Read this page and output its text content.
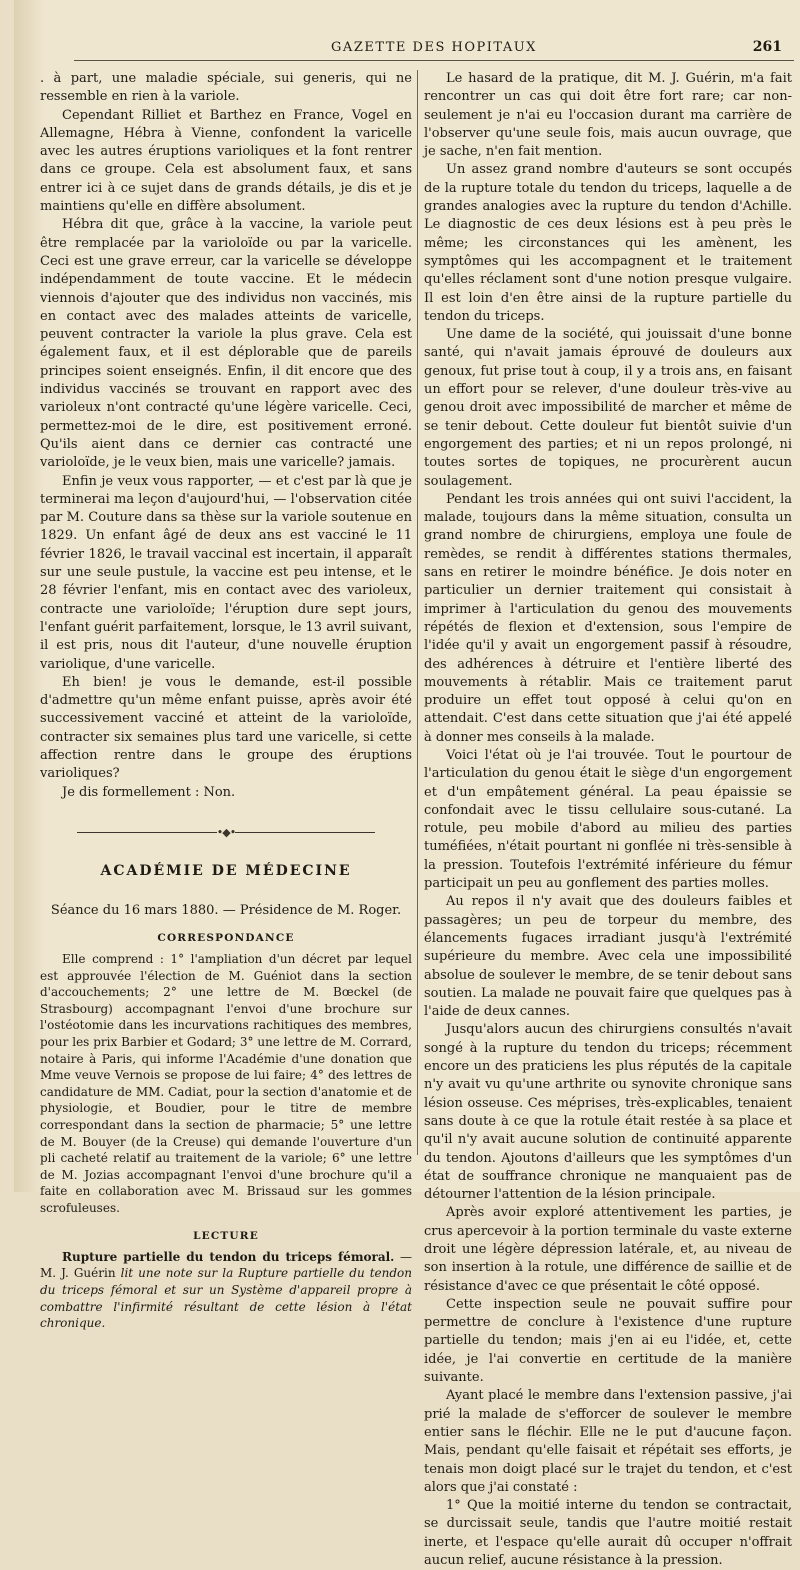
GAZETTE DES HOPITAUX	261

. à part, une maladie spéciale, sui generis, qui ne ressemble en rien à la variole.

Cependant Rilliet et Barthez en France, Vogel en Allemagne, Hébra à Vienne, confondent la varicelle avec les autres éruptions varioliques et la font rentrer dans ce groupe. Cela est absolument faux, et sans entrer ici à ce sujet dans de grands détails, je dis et je maintiens qu'elle en diffère absolument.

Hébra dit que, grâce à la vaccine, la variole peut être remplacée par la varioloïde ou par la varicelle. Ceci est une grave erreur, car la varicelle se développe indépendamment de toute vaccine. Et le médecin viennois d'ajouter que des individus non vaccinés, mis en contact avec des malades atteints de varicelle, peuvent contracter la variole la plus grave. Cela est également faux, et il est déplorable que de pareils principes soient enseignés. Enfin, il dit encore que des individus vaccinés se trouvant en rapport avec des varioleux n'ont contracté qu'une légère varicelle. Ceci, permettez-moi de le dire, est positivement erroné. Qu'ils aient dans ce dernier cas contracté une varioloïde, je le veux bien, mais une varicelle? jamais.

Enfin je veux vous rapporter, — et c'est par là que je terminerai ma leçon d'aujourd'hui, — l'observation citée par M. Couture dans sa thèse sur la variole soutenue en 1829. Un enfant âgé de deux ans est vacciné le 11 février 1826, le travail vaccinal est incertain, il apparaît sur une seule pustule, la vaccine est peu intense, et le 28 février l'enfant, mis en contact avec des varioleux, contracte une varioloïde; l'éruption dure sept jours, l'enfant guérit parfaitement, lorsque, le 13 avril suivant, il est pris, nous dit l'auteur, d'une nouvelle éruption variolique, d'une varicelle.

Eh bien! je vous le demande, est-il possible d'admettre qu'un même enfant puisse, après avoir été successivement vacciné et atteint de la varioloïde, contracter six semaines plus tard une varicelle, si cette affection rentre dans le groupe des éruptions varioliques?

Je dis formellement : Non.

•◆•
ACADÉMIE DE MÉDECINE
Séance du 16 mars 1880. — Présidence de M. Roger.
CORRESPONDANCE

Elle comprend : 1° l'ampliation d'un décret par lequel est approuvée l'élection de M. Guéniot dans la section d'accouchements; 2° une lettre de M. Bœckel (de Strasbourg) accompagnant l'envoi d'une brochure sur l'ostéotomie dans les incurvations rachitiques des membres, pour les prix Barbier et Godard; 3° une lettre de M. Corrard, notaire à Paris, qui informe l'Académie d'une donation que Mme veuve Vernois se propose de lui faire; 4° des lettres de candidature de MM. Cadiat, pour la section d'anatomie et de physiologie, et Boudier, pour le titre de membre correspondant dans la section de pharmacie; 5° une lettre de M. Bouyer (de la Creuse) qui demande l'ouverture d'un pli cacheté relatif au traitement de la variole; 6° une lettre de M. Jozias accompagnant l'envoi d'une brochure qu'il a faite en collaboration avec M. Brissaud sur les gommes scrofuleuses.

LECTURE

Rupture partielle du tendon du triceps fémoral. — M. J. Guérin lit une note sur la Rupture partielle du tendon du triceps fémoral et sur un Système d'appareil propre à combattre l'infirmité résultant de cette lésion à l'état chronique.

Le hasard de la pratique, dit M. J. Guérin, m'a fait rencontrer un cas qui doit être fort rare; car non-seulement je n'ai eu l'occasion durant ma carrière de l'observer qu'une seule fois, mais aucun ouvrage, que je sache, n'en fait mention.

Un assez grand nombre d'auteurs se sont occupés de la rupture totale du tendon du triceps, laquelle a de grandes analogies avec la rupture du tendon d'Achille. Le diagnostic de ces deux lésions est à peu près le même; les circonstances qui les amènent, les symptômes qui les accompagnent et le traitement qu'elles réclament sont d'une notion presque vulgaire. Il est loin d'en être ainsi de la rupture partielle du tendon du triceps.

Une dame de la société, qui jouissait d'une bonne santé, qui n'avait jamais éprouvé de douleurs aux genoux, fut prise tout à coup, il y a trois ans, en faisant un effort pour se relever, d'une douleur très-vive au genou droit avec impossibilité de marcher et même de se tenir debout. Cette douleur fut bientôt suivie d'un engorgement des parties; et ni un repos prolongé, ni toutes sortes de topiques, ne procurèrent aucun soulagement.

Pendant les trois années qui ont suivi l'accident, la malade, toujours dans la même situation, consulta un grand nombre de chirurgiens, employa une foule de remèdes, se rendit à différentes stations thermales, sans en retirer le moindre bénéfice. Je dois noter en particulier un dernier traitement qui consistait à imprimer à l'articulation du genou des mouvements répétés de flexion et d'extension, sous l'empire de l'idée qu'il y avait un engorgement passif à résoudre, des adhérences à détruire et l'entière liberté des mouvements à rétablir. Mais ce traitement parut produire un effet tout opposé à celui qu'on en attendait. C'est dans cette situation que j'ai été appelé à donner mes conseils à la malade.

Voici l'état où je l'ai trouvée. Tout le pourtour de l'articulation du genou était le siège d'un engorgement et d'un empâtement général. La peau épaissie se confondait avec le tissu cellulaire sous-cutané. La rotule, peu mobile d'abord au milieu des parties tuméfiées, n'était pourtant ni gonflée ni très-sensible à la pression. Toutefois l'extrémité inférieure du fémur participait un peu au gonflement des parties molles.

Au repos il n'y avait que des douleurs faibles et passagères; un peu de torpeur du membre, des élancements fugaces irradiant jusqu'à l'extrémité supérieure du membre. Avec cela une impossibilité absolue de soulever le membre, de se tenir debout sans soutien. La malade ne pouvait faire que quelques pas à l'aide de deux cannes.

Jusqu'alors aucun des chirurgiens consultés n'avait songé à la rupture du tendon du triceps; récemment encore un des praticiens les plus réputés de la capitale n'y avait vu qu'une arthrite ou synovite chronique sans lésion osseuse. Ces méprises, très-explicables, tenaient sans doute à ce que la rotule était restée à sa place et qu'il n'y avait aucune solution de continuité apparente du tendon. Ajoutons d'ailleurs que les symptômes d'un état de souffrance chronique ne manquaient pas de détourner l'attention de la lésion principale.

Après avoir exploré attentivement les parties, je crus apercevoir à la portion terminale du vaste externe droit une légère dépression latérale, et, au niveau de son insertion à la rotule, une différence de saillie et de résistance d'avec ce que présentait le côté opposé.

Cette inspection seule ne pouvait suffire pour permettre de conclure à l'existence d'une rupture partielle du tendon; mais j'en ai eu l'idée, et, cette idée, je l'ai convertie en certitude de la manière suivante.

Ayant placé le membre dans l'extension passive, j'ai prié la malade de s'efforcer de soulever le membre entier sans le fléchir. Elle ne le put d'aucune façon. Mais, pendant qu'elle faisait et répétait ses efforts, je tenais mon doigt placé sur le trajet du tendon, et c'est alors que j'ai constaté :

1° Que la moitié interne du tendon se contractait, se durcissait seule, tandis que l'autre moitié restait inerte, et l'espace qu'elle aurait dû occuper n'offrait aucun relief, aucune résistance à la pression.
